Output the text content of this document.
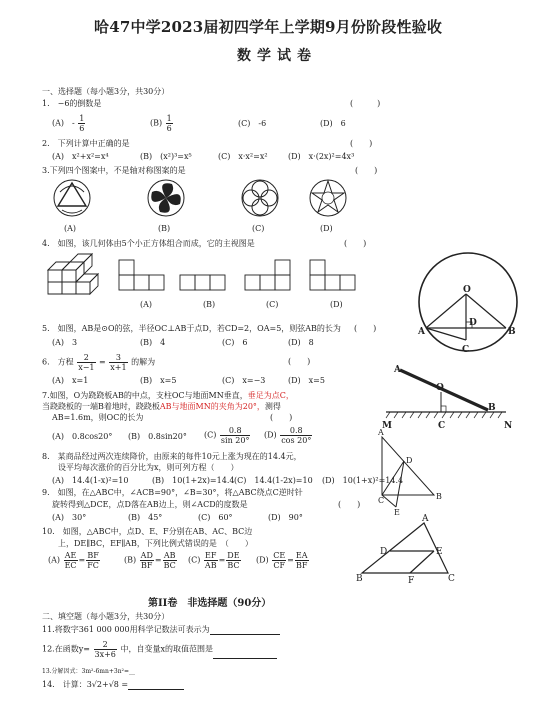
哈47中学2023届初四学年上学期9月份阶段性验收
数学试卷
一、选择题（每小题3分，共30分）
1.　−6的倒数是	(　　　)
(A)　- $\frac{1}{6}$	$(B) \frac{1}{6}$	(C)　-6	(D)　6
2.　下列计算中正确的是	(　　)
(A)　x²+x²=x⁴	(B)　(x²)³=x⁵	(C)　x·x²=x²	(D)　x·(2x)²=4x³
3.下列四个图案中，不是轴对称图案的是	(　　)
(A)	(B)	(C)	(D)
4.　如图，该几何体由5个小正方体组合而成，它的主视图是	(　　)
(A)	(B)	(C)	(D)
O
A
D
B
C
5.　如图，AB是⊙O的弦，半径OC⊥AB于点D，若CD=2，OA=5，则弦AB的长为 (　　)
(A)　3	(B)　4	(C)　6	(D)　8
6.　方程 $\frac{2}{x-1} = \frac{3}{x+1}$ 的解为	(　　)
(A)　x=1	(B)　x=5	(C)　x=−3	(D)　x=5
A
O
B
M	C	N
7.如图，O为跷跷板AB的中点，支柱OC与地面MN垂直，垂足为点C，
当跷跷板的一端B着地时，跷跷板AB与地面MN的夹角为20°，测得
AB=1.6m，则OC的长为	(　　)
(A)　0.8cos20° (B)　0.8sin20° $(C) \frac{0.8}{\sin 20^\circ} (D) \frac{0.8}{\cos 20^\circ}$
8.　某商品经过两次连续降价，由原来的每件10元上涨为现在的14.4元，
设平均每次涨价的百分比为x，则可列方程（　　）
(A)　14.4(1-x)²=10	(B)　10(1+2x)=14.4 (C)　14.4(1-2x)=10 (D)　10(1+x)²=14.4
A
C
D
B
E
9.　如图，在△ABC中，∠ACB=90°，∠B=30°，将△ABC绕点C逆时针
旋转得到△DCE，点D落在AB边上，则∠ACD的度数是	(　　)
(A)　30°	(B)　45°	(C)　60°	(D)　90°
10.　如图，△ABC中，点D、E、F分别在AB、AC、BC边
上，DE∥BC，EF∥AB，下列比例式错误的是　（　　）
$(A) \frac{AE}{EC} = \frac{BF}{FC}$	$(B) \frac{AD}{BF} = \frac{AB}{BC} (C) \frac{EF}{AB} = \frac{DE}{BC} (D) \frac{CE}{CF} = \frac{EA}{BF}$
A
D	E
B	F	C
第II卷　非选择题（90分）
二、填空题（每小题3分，共30分）
11.将数字361 000 000用科学记数法可表示为
12.在函数$y= \frac{2}{3x+6}$ 中，自变量x的取值范围是
13.分解因式：3m²-6mn+3n²=__
14.　计算：3√2+√8 =
